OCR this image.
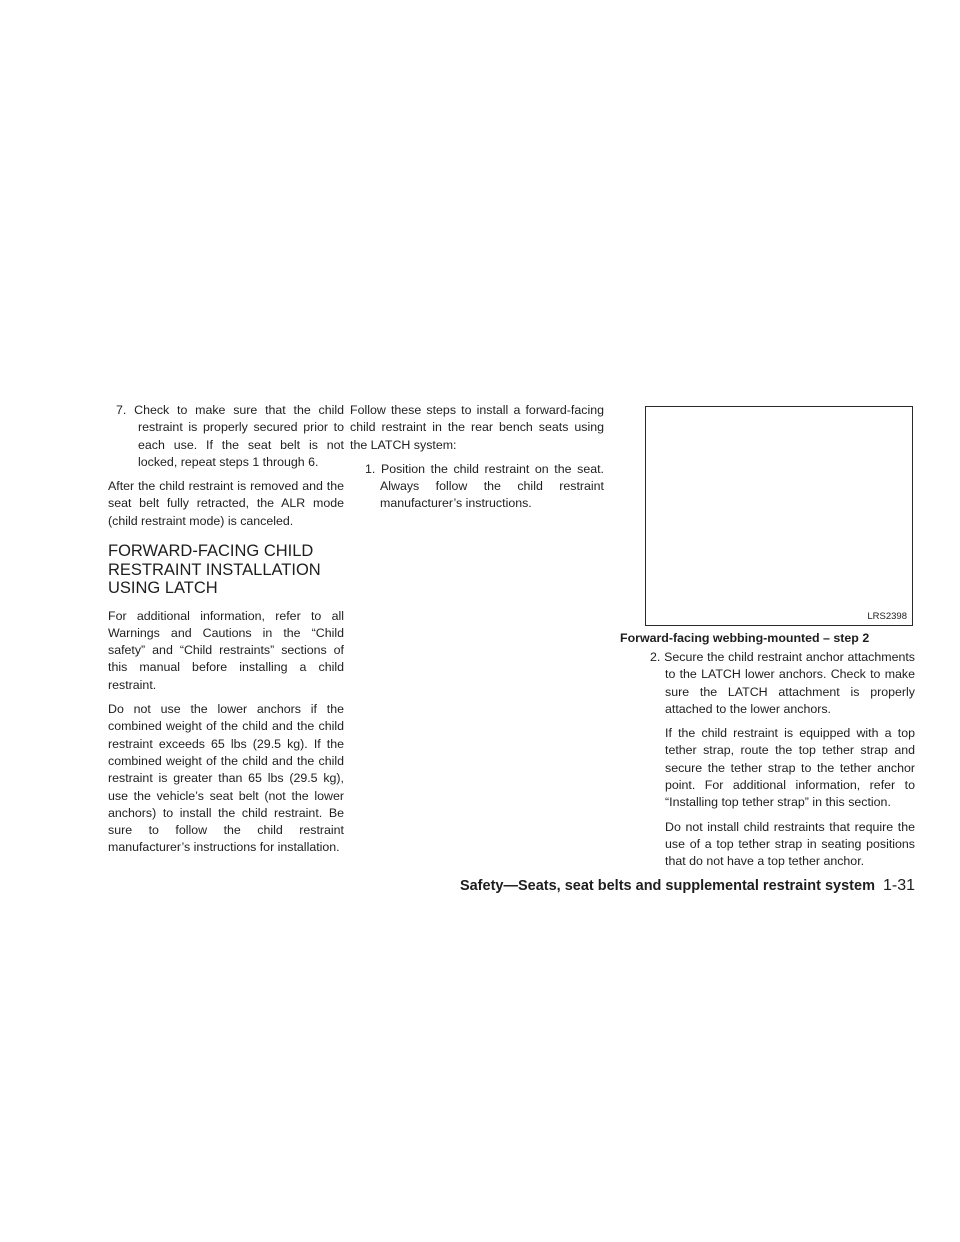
7. Check to make sure that the child restraint is properly secured prior to each use. If the seat belt is not locked, repeat steps 1 through 6.

After the child restraint is removed and the seat belt fully retracted, the ALR mode (child restraint mode) is canceled.

FORWARD-FACING CHILD RESTRAINT INSTALLATION USING LATCH

For additional information, refer to all Warnings and Cautions in the “Child safety” and “Child restraints” sections of this manual before installing a child restraint.

Do not use the lower anchors if the combined weight of the child and the child restraint exceeds 65 lbs (29.5 kg). If the combined weight of the child and the child restraint is greater than 65 lbs (29.5 kg), use the vehicle’s seat belt (not the lower anchors) to install the child restraint. Be sure to follow the child restraint manufacturer’s instructions for installation.

Follow these steps to install a forward-facing child restraint in the rear bench seats using the LATCH system:

1. Position the child restraint on the seat. Always follow the child restraint manufacturer’s instructions.
LRS2398
Forward-facing webbing-mounted – step 2
2. Secure the child restraint anchor attachments to the LATCH lower anchors. Check to make sure the LATCH attachment is properly attached to the lower anchors.

If the child restraint is equipped with a top tether strap, route the top tether strap and secure the tether strap to the tether anchor point. For additional information, refer to “Installing top tether strap” in this section.

Do not install child restraints that require the use of a top tether strap in seating positions that do not have a top tether anchor.

Safety—Seats, seat belts and supplemental restraint system 1-31
